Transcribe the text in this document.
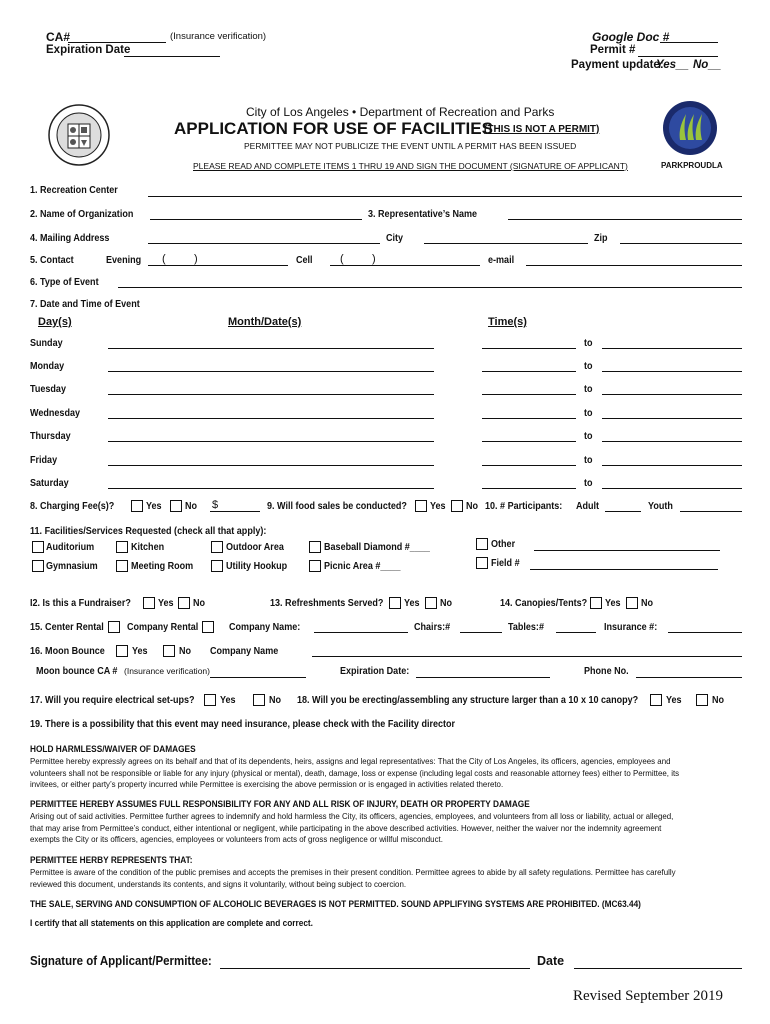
CA#	(Insurance verification)
Expiration Date
Google Doc #
Permit #
Payment update:
Yes__ No__
PARKPROUDLA
City of Los Angeles • Department of Recreation and Parks
APPLICATION FOR USE OF FACILITIES
(THIS IS NOT A PERMIT)
PERMITTEE MAY NOT PUBLICIZE THE EVENT UNTIL A PERMIT HAS BEEN ISSUED
PLEASE READ AND COMPLETE ITEMS 1 THRU 19 AND SIGN THE DOCUMENT (SIGNATURE OF APPLICANT)
1. Recreation Center
2. Name of Organization	3. Representative’s Name
4. Mailing Address	City	Zip
5. Contact	Evening (	)	Cell (	)	e-mail
6. Type of Event
7. Date and Time of Event
Day(s)	Month/Date(s)	Time(s)
Sunday	to
Monday	to
Tuesday	to
Wednesday	to
Thursday	to
Friday	to
Saturday	to
8. Charging Fee(s)?	Yes No $	9. Will food sales be conducted? Yes No 10. # Participants: Adult	Youth
11. Facilities/Services Requested (check all that apply):
Auditorium	Kitchen	Outdoor Area	Baseball Diamond #____	Other
Gymnasium	Meeting Room	Utility Hookup	Picnic Area #____	Field #
I2. Is this a Fundraiser?	Yes No	13. Refreshments Served? Yes No	14. Canopies/Tents? Yes No
15. Center Rental Company Rental	Company Name:	Chairs:#	Tables:#	Insurance #:
16. Moon Bounce	Yes	No Company Name
Moon bounce CA # (Insurance verification)	Expiration Date:	Phone No.
17. Will you require electrical set-ups? Yes	No 18. Will you be erecting/assembling any structure larger than a 10 x 10 canopy?	Yes	No
19. There is a possibility that this event may need insurance, please check with the Facility director
HOLD HARMLESS/WAIVER OF DAMAGES
Permittee hereby expressly agrees on its behalf and that of its dependents, heirs, assigns and legal representatives: That the City of Los Angeles, its officers, agencies, employees and volunteers shall not be responsible or liable for any injury (physical or mental), death, damage, loss or expense (including legal costs and reasonable attorney fees) either to Permittee, its invitees, or either party’s property incurred while Permittee is exercising the above permission or is engaged in activities related thereto.
PERMITTEE HEREBY ASSUMES FULL RESPONSIBILITY FOR ANY AND ALL RISK OF INJURY, DEATH OR PROPERTY DAMAGE
Arising out of said activities. Permittee further agrees to indemnify and hold harmless the City, its officers, agencies, employees, and volunteers from all loss or liability, actual or alleged, that may arise from Permittee’s conduct, either intentional or negligent, while participating in the above described activities. However, neither the waiver nor the indemnity agreement exempts the City or its officers, agencies, employees or volunteers from acts of gross negligence or willful misconduct.
PERMITTEE HERBY REPRESENTS THAT:
Permittee is aware of the condition of the public premises and accepts the premises in their present condition. Permittee agrees to abide by all safety regulations. Permittee has carefully reviewed this document, understands its contents, and signs it voluntarily, without being subject to coercion.
THE SALE, SERVING AND CONSUMPTION OF ALCOHOLIC BEVERAGES IS NOT PERMITTED. SOUND APPLIFYING SYSTEMS ARE PROHIBITED. (MC63.44)
I certify that all statements on this application are complete and correct.
Signature of Applicant/Permittee:	Date
Revised September 2019
